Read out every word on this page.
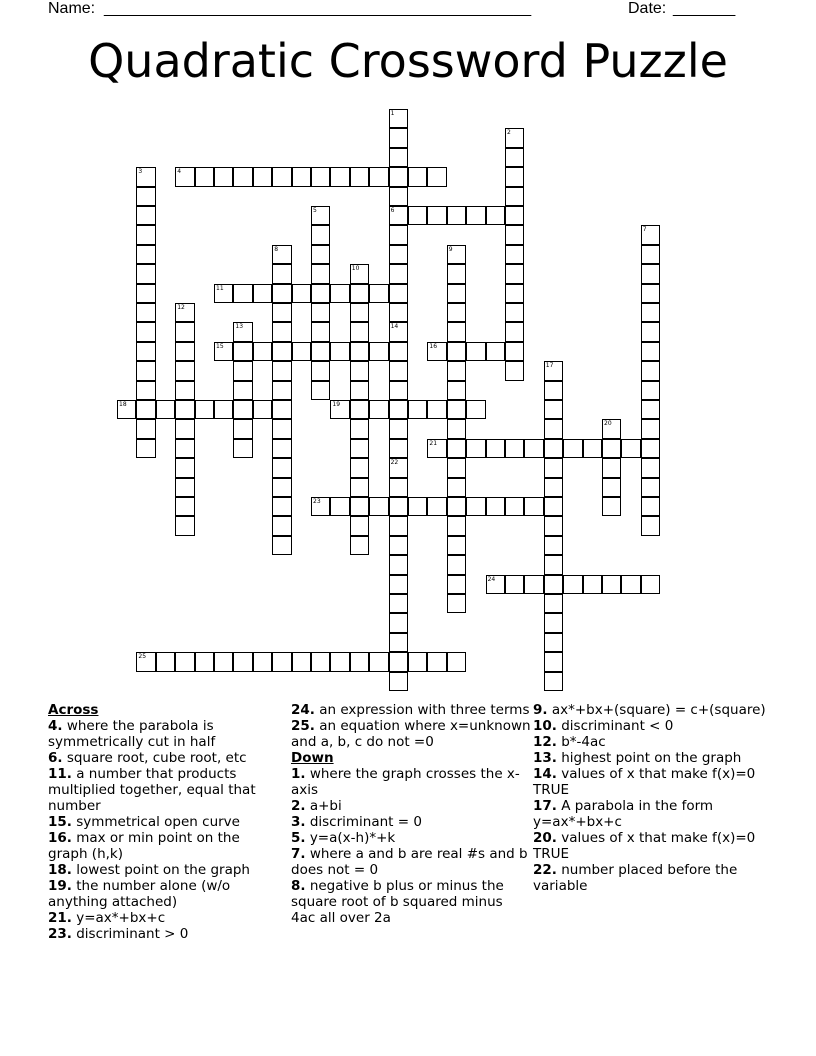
Name: ________________________________________________	Date: _______
Quadratic Crossword Puzzle
1
6
14
22
2
3	4
5
7
8	9
10
11
12
13
15	16
17
18	19
20
21
23
24
25
Across
4. where the parabola is symmetrically cut in half
6. square root, cube root, etc
11. a number that products multiplied together, equal that number
15. symmetrical open curve
16. max or min point on the graph (h,k)
18. lowest point on the graph
19. the number alone (w/o anything attached)
21. y=ax*+bx+c
23. discriminant > 0
24. an expression with three terms
25. an equation where x=unknown and a, b, c do not =0
Down
1. where the graph crosses the x-axis
2. a+bi
3. discriminant = 0
5. y=a(x-h)*+k
7. where a and b are real #s and b does not = 0
8. negative b plus or minus the square root of b squared minus 4ac all over 2a
9. ax*+bx+(square) = c+(square)
10. discriminant < 0
12. b*-4ac
13. highest point on the graph
14. values of x that make f(x)=0 TRUE
17. A parabola in the form y=ax*+bx+c
20. values of x that make f(x)=0 TRUE
22. number placed before the variable
